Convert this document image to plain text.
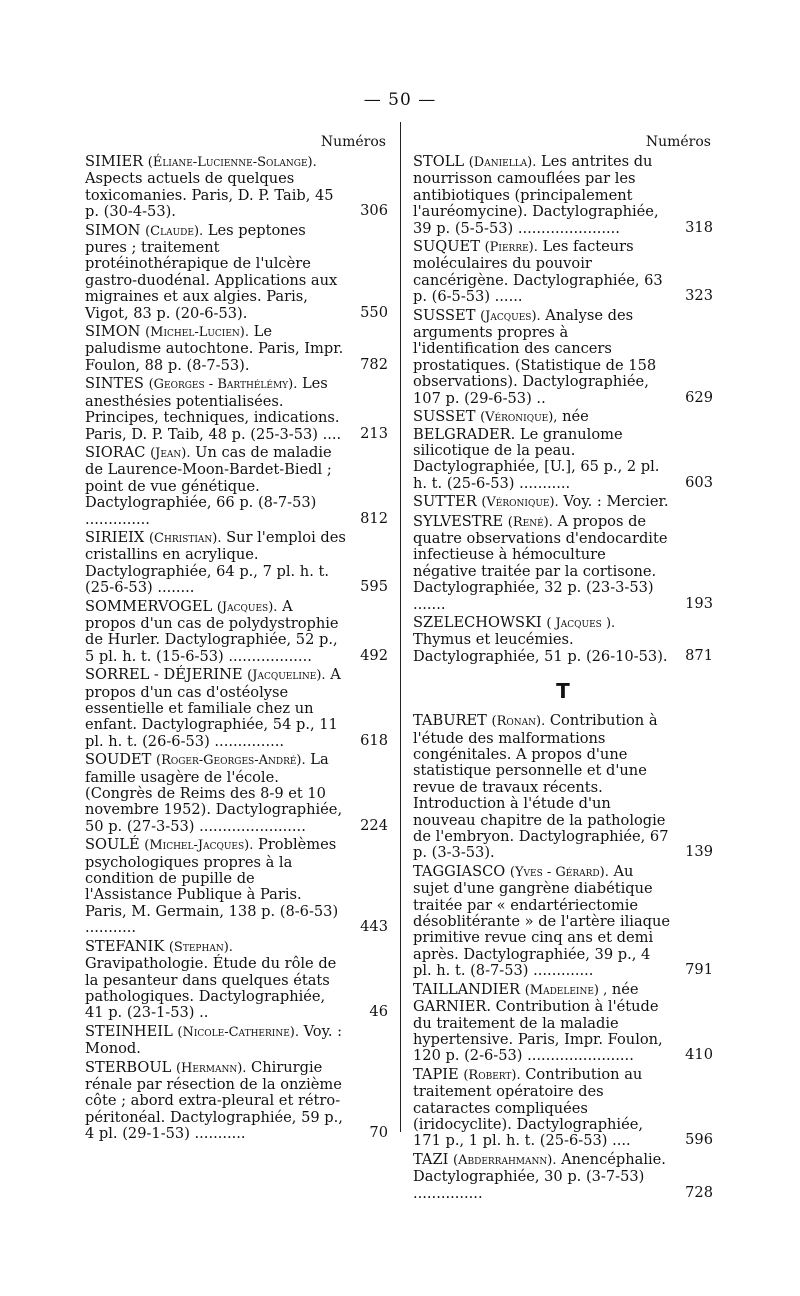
— 50 —
Numéros
SIMIER (Éliane-Lucienne-Solange). Aspects actuels de quelques toxicomanies. Paris, D. P. Taib, 45 p. (30-4-53).	306
SIMON (Claude). Les peptones pures ; traitement protéinothérapique de l'ulcère gastro-duodénal. Applications aux migraines et aux algies. Paris, Vigot, 83 p. (20-6-53).	550
SIMON (Michel-Lucien). Le paludisme autochtone. Paris, Impr. Foulon, 88 p. (8-7-53).	782
SINTES (Georges - Barthélémy). Les anesthésies potentialisées. Principes, techniques, indications. Paris, D. P. Taib, 48 p. (25-3-53) .... 213
SIORAC (Jean). Un cas de maladie de Laurence-Moon-Bardet-Biedl ; point de vue génétique. Dactylographiée, 66 p. (8-7-53) ..............	812
SIRIEIX (Christian). Sur l'emploi des cristallins en acrylique. Dactylographiée, 64 p., 7 pl. h. t. (25-6-53) ........	595
SOMMERVOGEL (Jacques). A propos d'un cas de polydystrophie de Hurler. Dactylographiée, 52 p., 5 pl. h. t. (15-6-53) ..................	492
SORREL - DÉJERINE (Jacqueline). A propos d'un cas d'ostéolyse essentielle et familiale chez un enfant. Dactylographiée, 54 p., 11 pl. h. t. (26-6-53) ...............	618
SOUDET (Roger-Georges-André). La famille usagère de l'école. (Congrès de Reims des 8-9 et 10 novembre 1952). Dactylographiée, 50 p. (27-3-53) .......................	224
SOULÉ (Michel-Jacques). Problèmes psychologiques propres à la condition de pupille de l'Assistance Publique à Paris. Paris, M. Germain, 138 p. (8-6-53) ...........	443
STEFANIK (Stephan). Gravipathologie. Étude du rôle de la pesanteur dans quelques états pathologiques. Dactylographiée, 41 p. (23-1-53) ..	46
STEINHEIL (Nicole-Catherine). Voy. : Monod.
STERBOUL (Hermann). Chirurgie rénale par résection de la onzième côte ; abord extra-pleural et rétro-péritonéal. Dactylographiée, 59 p., 4 pl. (29-1-53) ...........	70
Numéros
STOLL (Daniella). Les antrites du nourrisson camouflées par les antibiotiques (principalement l'auréomycine). Dactylographiée, 39 p. (5-5-53) ......................	318
SUQUET (Pierre). Les facteurs moléculaires du pouvoir cancérigène. Dactylographiée, 63 p. (6-5-53) ......	323
SUSSET (Jacques). Analyse des arguments propres à l'identification des cancers prostatiques. (Statistique de 158 observations). Dactylographiée, 107 p. (29-6-53) ..	629
SUSSET (Véronique), née BELGRADER. Le granulome silicotique de la peau. Dactylographiée, [U.], 65 p., 2 pl. h. t. (25-6-53) ...........	603
SUTTER (Véronique). Voy. : Mercier.
SYLVESTRE (René). A propos de quatre observations d'endocardite infectieuse à hémoculture négative traitée par la cortisone. Dactylographiée, 32 p. (23-3-53) .......	193
SZELECHOWSKI ( Jacques ). Thymus et leucémies. Dactylographiée, 51 p. (26-10-53). 871
T
TABURET (Ronan). Contribution à l'étude des malformations congénitales. A propos d'une statistique personnelle et d'une revue de travaux récents. Introduction à l'étude d'un nouveau chapitre de la pathologie de l'embryon. Dactylographiée, 67 p. (3-3-53).	139
TAGGIASCO (Yves - Gérard). Au sujet d'une gangrène diabétique traitée par « endartériectomie désoblitérante » de l'artère iliaque primitive revue cinq ans et demi après. Dactylographiée, 39 p., 4 pl. h. t. (8-7-53) .............	791
TAILLANDIER (Madeleine) , née GARNIER. Contribution à l'étude du traitement de la maladie hypertensive. Paris, Impr. Foulon, 120 p. (2-6-53) .......................	410
TAPIE (Robert). Contribution au traitement opératoire des cataractes compliquées (iridocyclite). Dactylographiée, 171 p., 1 pl. h. t. (25-6-53) ....	596
TAZI (Abderrahmann). Anencéphalie. Dactylographiée, 30 p. (3-7-53) ...............	728
